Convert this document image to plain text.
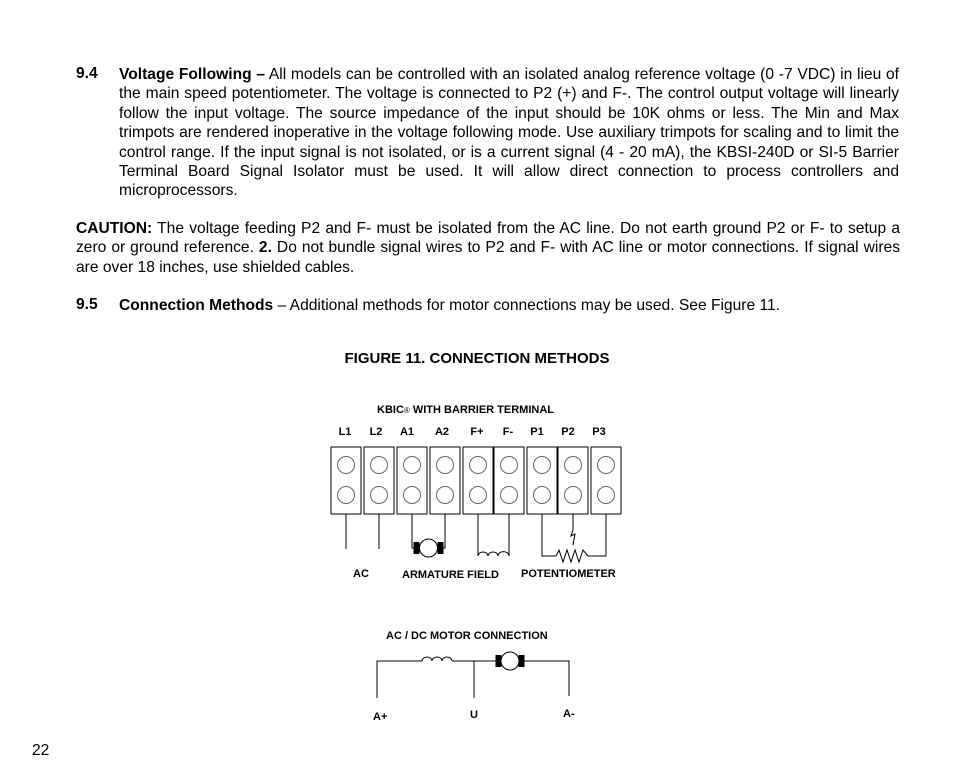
9.4 Voltage Following – All models can be controlled with an isolated analog reference voltage (0 -7 VDC) in lieu of the main speed potentiometer. The voltage is connected to P2 (+) and F-. The control output voltage will linearly follow the input voltage. The source impedance of the input should be 10K ohms or less. The Min and Max trimpots are rendered inoperative in the voltage following mode. Use auxiliary trimpots for scaling and to limit the control range. If the input signal is not isolated, or is a current signal (4 - 20 mA), the KBSI-240D or SI-5 Barrier Terminal Board Signal Isolator must be used. It will allow direct connection to process controllers and microprocessors.
CAUTION: The voltage feeding P2 and F- must be isolated from the AC line. Do not earth ground P2 or F- to setup a zero or ground reference. 2. Do not bundle signal wires to P2 and F- with AC line or motor connections. If signal wires are over 18 inches, use shielded cables.
9.5 Connection Methods – Additional methods for motor connections may be used. See Figure 11.
FIGURE 11. CONNECTION METHODS
KBIC® WITH BARRIER TERMINAL
L1	L2	A1	A2	F+	F-	P1	P2	P3
AC	ARMATURE FIELD POTENTIOMETER
AC / DC MOTOR CONNECTION
A+	U	A-
22
